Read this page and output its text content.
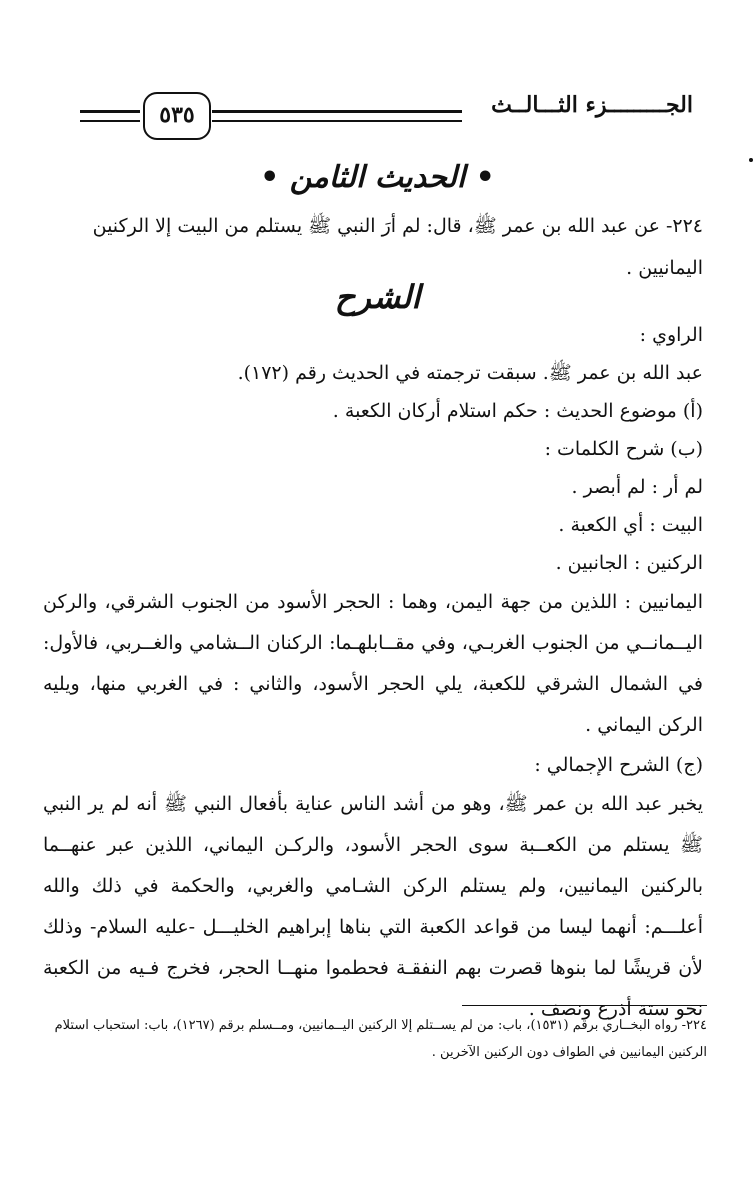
الجـــــــــزء الثـــالــث
٥٣٥
• الحديث الثامن •
٢٢٤- عن عبد الله بن عمر ﷺ، قال: لم أرَ النبي ﷺ يستلم من البيت إلا الركنين اليمانيين .
الشرح
الراوي :
عبد الله بن عمر ﷺ. سبقت ترجمته في الحديث رقم (١٧٢).
(أ) موضوع الحديث : حكم استلام أركان الكعبة .
(ب) شرح الكلمات :
لم أر : لم أبصر .
البيت : أي الكعبة .
الركنين : الجانبين .
اليمانيين : اللذين من جهة اليمن، وهما : الحجر الأسود من الجنوب الشرقي، والركن اليــمانــي من الجنوب الغربـي، وفي مقــابلهـما: الركنان الــشامي والغــربي، فالأول: في الشمال الشرقي للكعبة، يلي الحجر الأسود، والثاني : في الغربي منها، ويليه الركن اليماني .
(ج) الشرح الإجمالي :
يخبر عبد الله بن عمر ﷺ، وهو من أشد الناس عناية بأفعال النبي ﷺ أنه لم ير النبي ﷺ يستلم من الكعــبة سوى الحجر الأسود، والركـن اليماني، اللذين عبر عنهــما بالركنين اليمانيين، ولم يستلم الركن الشـامي والغربي، والحكمة في ذلك والله أعلـــم: أنهما ليسا من قواعد الكعبة التي بناها إبراهيم الخليـــل -عليه السلام- وذلك لأن قريشًا لما بنوها قصرت بهم النفقـة فحطموا منهــا الحجر، فخرج فـيه من الكعبة نحو ستة أذرع ونصف .
٢٢٤- رواه البخــاري برقم (١٥٣١)، باب: من لم يســتلم إلا الركنين اليــمانيين، ومــسلم برقم (١٢٦٧)، باب: استحباب استلام الركنين اليمانيين في الطواف دون الركنين الآخرين .
